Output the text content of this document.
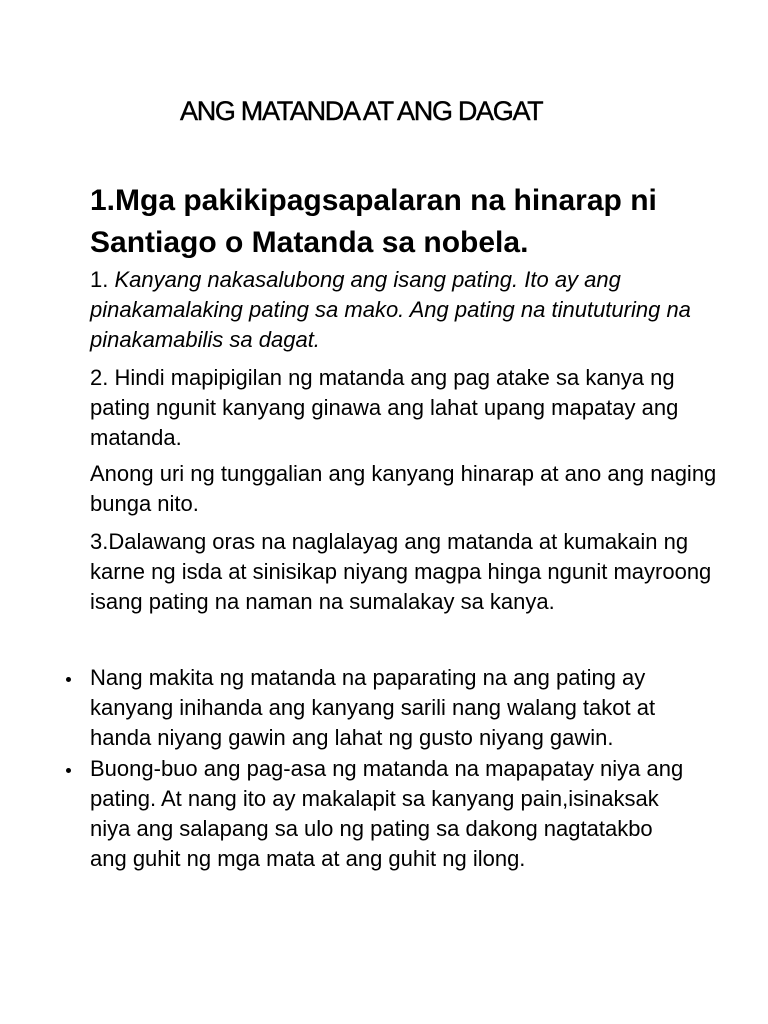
ANG MATANDA AT ANG DAGAT
1.Mga pakikipagsapalaran na hinarap ni Santiago o Matanda sa nobela.

1. Kanyang nakasalubong ang isang pating. Ito ay ang pinakamalaking pating sa mako. Ang pating na tinututuring na pinakamabilis sa dagat.

2. Hindi mapipigilan ng matanda ang pag atake sa kanya ng pating ngunit kanyang ginawa ang lahat upang mapatay ang matanda.

Anong uri ng tunggalian ang kanyang hinarap at ano ang naging bunga nito.

3.Dalawang oras na naglalayag ang matanda at kumakain ng karne ng isda at sinisikap niyang magpa hinga ngunit mayroong isang pating na naman na sumalakay sa kanya.

Nang makita ng matanda na paparating na ang pating ay kanyang inihanda ang kanyang sarili nang walang takot at handa niyang gawin ang lahat ng gusto niyang gawin.
Buong-buo ang pag-asa ng matanda na mapapatay niya ang pating. At nang ito ay makalapit sa kanyang pain,isinaksak niya ang salapang sa ulo ng pating sa dakong nagtatakbo ang guhit ng mga mata at ang guhit ng ilong.
